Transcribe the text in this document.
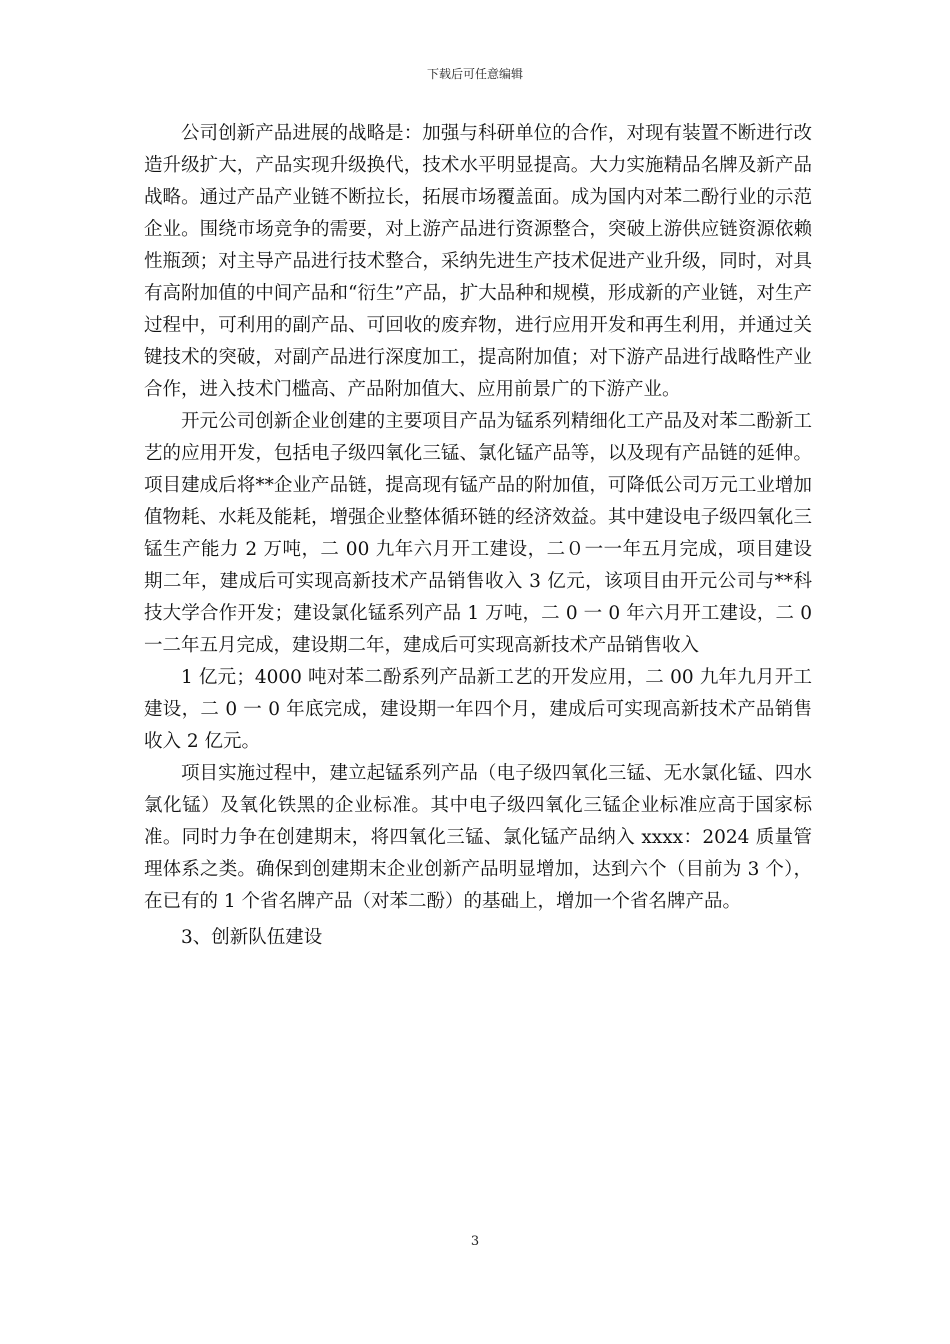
下载后可任意编辑

公司创新产品进展的战略是：加强与科研单位的合作，对现有装置不断进行改造升级扩大，产品实现升级换代，技术水平明显提高。大力实施精品名牌及新产品战略。通过产品产业链不断拉长，拓展市场覆盖面。成为国内对苯二酚行业的示范企业。围绕市场竞争的需要，对上游产品进行资源整合，突破上游供应链资源依赖性瓶颈；对主导产品进行技术整合，采纳先进生产技术促进产业升级，同时，对具有高附加值的中间产品和“衍生”产品，扩大品种和规模，形成新的产业链，对生产过程中，可利用的副产品、可回收的废弃物，进行应用开发和再生利用，并通过关键技术的突破，对副产品进行深度加工，提高附加值；对下游产品进行战略性产业合作，进入技术门槛高、产品附加值大、应用前景广的下游产业。

开元公司创新企业创建的主要项目产品为锰系列精细化工产品及对苯二酚新工艺的应用开发，包括电子级四氧化三锰、氯化锰产品等，以及现有产品链的延伸。项目建成后将**企业产品链，提高现有锰产品的附加值，可降低公司万元工业增加值物耗、水耗及能耗，增强企业整体循环链的经济效益。其中建设电子级四氧化三锰生产能力 2 万吨，二 00 九年六月开工建设，二０一一年五月完成，项目建设期二年，建成后可实现高新技术产品销售收入 3 亿元，该项目由开元公司与**科技大学合作开发；建设氯化锰系列产品 1 万吨，二 0 一 0 年六月开工建设，二 0 一二年五月完成，建设期二年，建成后可实现高新技术产品销售收入

1 亿元；4000 吨对苯二酚系列产品新工艺的开发应用，二 00 九年九月开工建设，二 0 一 0 年底完成，建设期一年四个月，建成后可实现高新技术产品销售收入 2 亿元。

项目实施过程中，建立起锰系列产品（电子级四氧化三锰、无水氯化锰、四水氯化锰）及氧化铁黑的企业标准。其中电子级四氧化三锰企业标准应高于国家标准。同时力争在创建期末，将四氧化三锰、氯化锰产品纳入 xxxx：2024 质量管理体系之类。确保到创建期末企业创新产品明显增加，达到六个（目前为 3 个），在已有的 1 个省名牌产品（对苯二酚）的基础上，增加一个省名牌产品。

3、创新队伍建设

3
